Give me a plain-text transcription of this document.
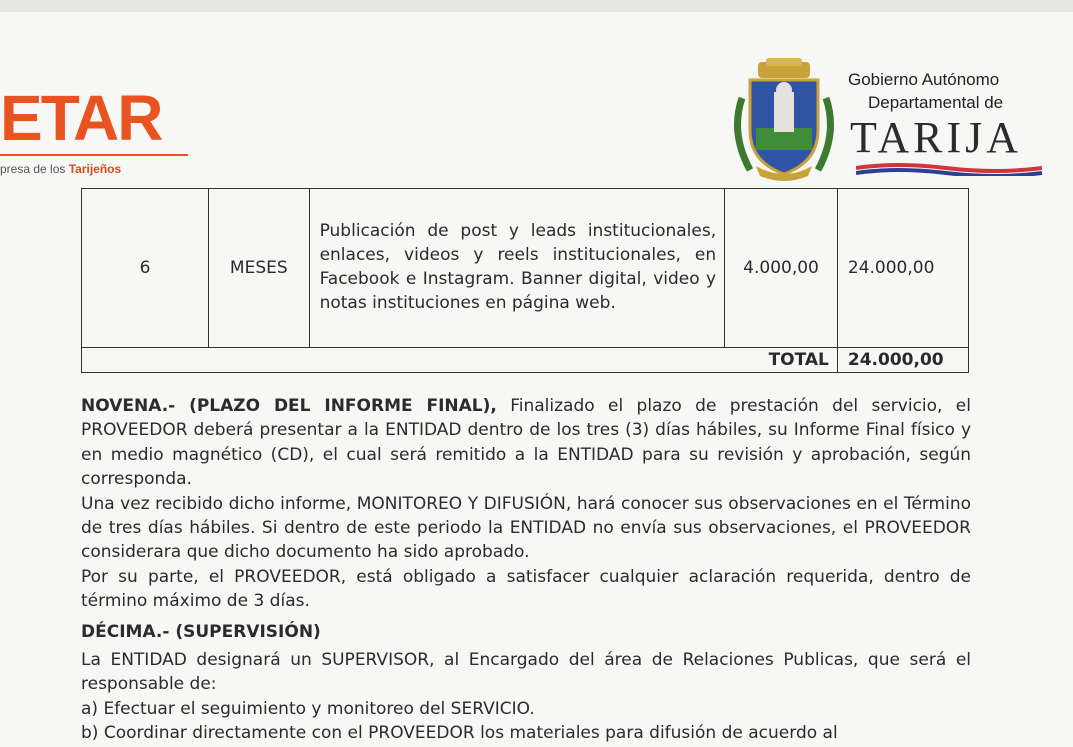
ETAR
presa de los Tarijeños
Gobierno Autónomo
Departamental de
TARIJA
6	MESES	Publicación de post y leads institucionales, enlaces, videos y reels institucionales, en Facebook e Instagram. Banner digital, video y notas instituciones en página web.	4.000,00	24.000,00
TOTAL				24.000,00

NOVENA.- (PLAZO DEL INFORME FINAL), Finalizado el plazo de prestación del servicio, el PROVEEDOR deberá presentar a la ENTIDAD dentro de los tres (3) días hábiles, su Informe Final físico y en medio magnético (CD), el cual será remitido a la ENTIDAD para su revisión y aprobación, según corresponda.

Una vez recibido dicho informe, MONITOREO Y DIFUSIÓN, hará conocer sus observaciones en el Término de tres días hábiles. Si dentro de este periodo la ENTIDAD no envía sus observaciones, el PROVEEDOR considerara que dicho documento ha sido aprobado.

Por su parte, el PROVEEDOR, está obligado a satisfacer cualquier aclaración requerida, dentro de término máximo de 3 días.

DÉCIMA.- (SUPERVISIÓN)

La ENTIDAD designará un SUPERVISOR, al Encargado del área de Relaciones Publicas, que será el responsable de:

a) Efectuar el seguimiento y monitoreo del SERVICIO.

b) Coordinar directamente con el PROVEEDOR los materiales para difusión de acuerdo al
